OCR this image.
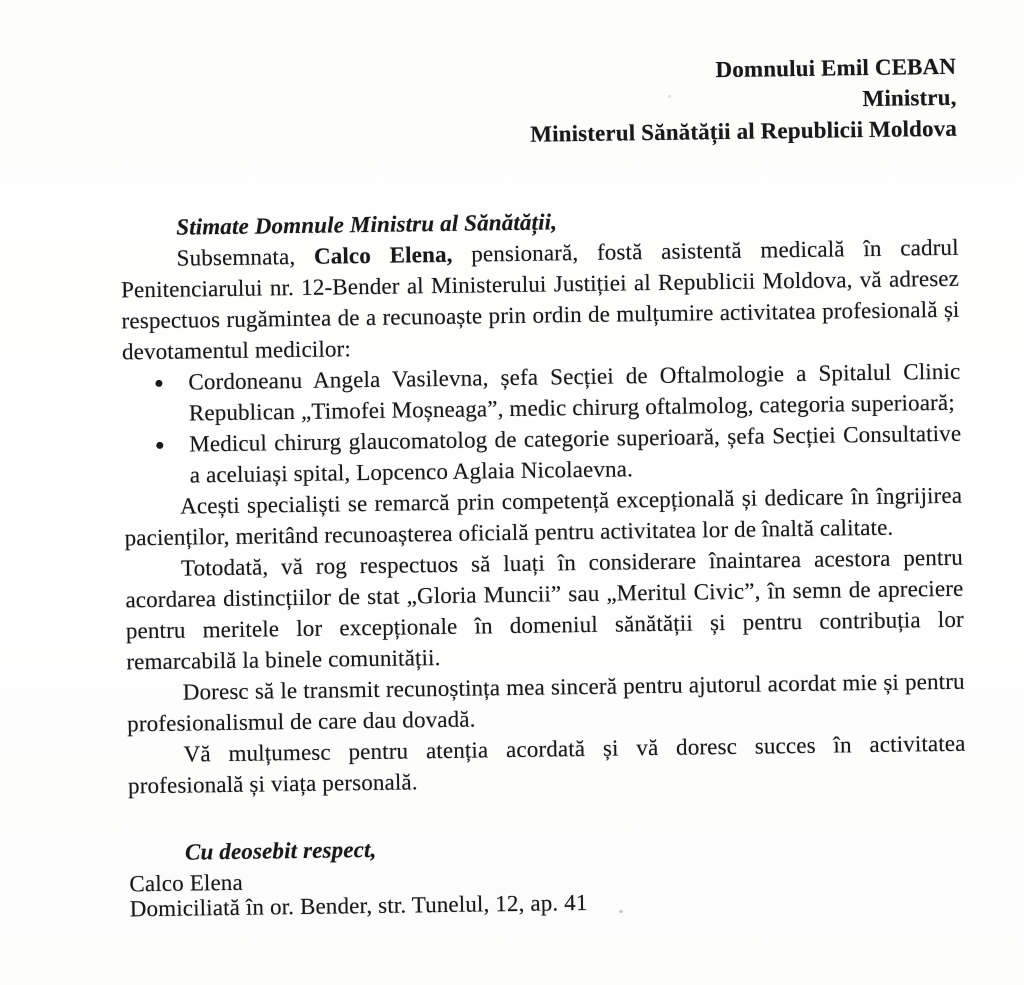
Domnului Emil CEBAN
Ministru,
Ministerul Sănătății al Republicii Moldova
Stimate Domnule Ministru al Sănătății,

Subsemnata, Calco Elena, pensionară, fostă asistentă medicală în cadrul Penitenciarului nr. 12-Bender al Ministerului Justiției al Republicii Moldova, vă adresez respectuos rugămintea de a recunoaște prin ordin de mulțumire activitatea profesională și devotamentul medicilor:

Cordoneanu Angela Vasilevna, șefa Secției de Oftalmologie a Spitalul Clinic Republican „Timofei Moșneaga”, medic chirurg oftalmolog, categoria superioară;
Medicul chirurg glaucomatolog de categorie superioară, șefa Secției Consultative a aceluiași spital, Lopcenco Aglaia Nicolaevna.

Acești specialiști se remarcă prin competență excepțională și dedicare în îngrijirea pacienților, meritând recunoașterea oficială pentru activitatea lor de înaltă calitate.

Totodată, vă rog respectuos să luați în considerare înaintarea acestora pentru acordarea distincțiilor de stat „Gloria Muncii” sau „Meritul Civic”, în semn de apreciere pentru meritele lor excepționale în domeniul sănătății și pentru contribuția lor remarcabilă la binele comunității.

Doresc să le transmit recunoștința mea sinceră pentru ajutorul acordat mie și pentru profesionalismul de care dau dovadă.

Vă mulțumesc pentru atenția acordată și vă doresc succes în activitatea profesională și viața personală.

Cu deosebit respect,
Calco Elena
Domiciliată în or. Bender, str. Tunelul, 12, ap. 41
